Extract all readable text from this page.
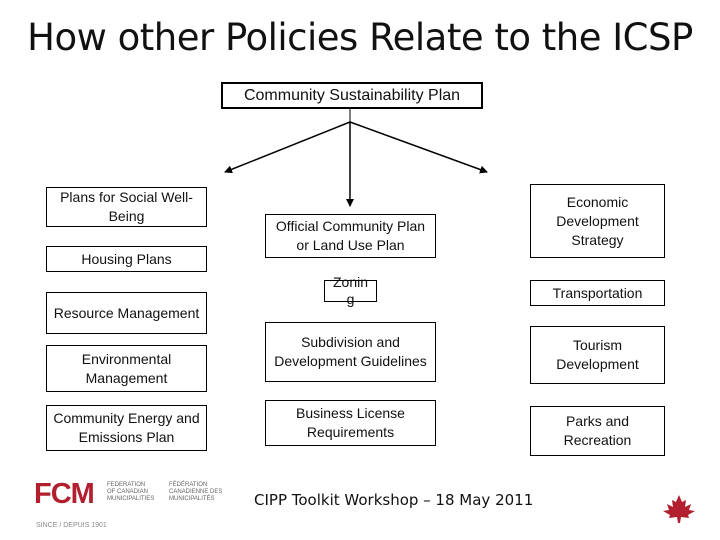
How other Policies Relate to the ICSP
Community Sustainability Plan
Plans for Social Well-Being
Housing Plans
Resource Management
Environmental Management
Community Energy and Emissions Plan
Official Community Plan or Land Use Plan
Zonin g
Subdivision and Development Guidelines
Business License Requirements
Economic Development Strategy
Transportation
Tourism Development
Parks and Recreation
CIPP Toolkit Workshop – 18 May 2011
FCM FEDERATION
OF CANADIAN
MUNICIPALITIES
FÉDÉRATION
CANADIENNE DES
MUNICIPALITÉS
SINCE / DEPUIS 1901
